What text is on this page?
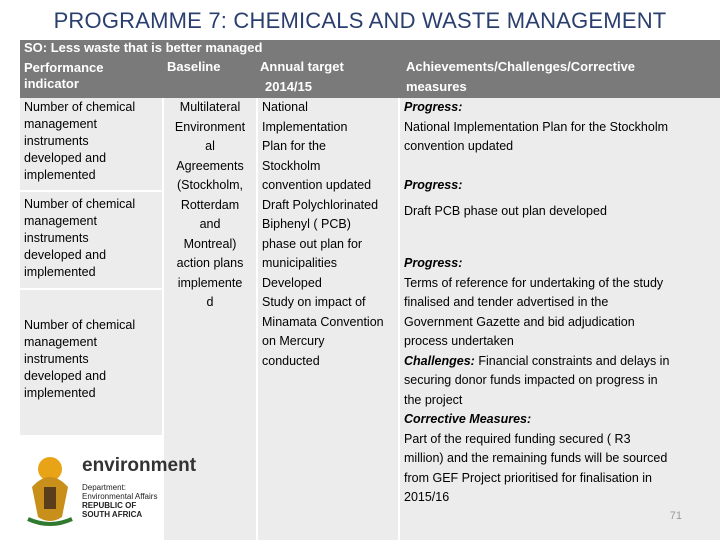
PROGRAMME 7: CHEMICALS AND WASTE MANAGEMENT
SO: Less waste that is better managed
Performance
indicator
Baseline	Annual target
2014/15
Achievements/Challenges/Corrective
measures
Number of chemical
management
instruments
developed and
implemented
Number of chemical
management
instruments
developed and
implemented
Number of chemical
management
instruments
developed and
implemented
Multilateral
Environment
al
Agreements
(Stockholm,
Rotterdam
and
Montreal)
action plans
implemente
d
National
Implementation
Plan for the
Stockholm
convention updated
Draft Polychlorinated
Biphenyl ( PCB)
phase out plan for
municipalities
Developed
Study on impact of
Minamata Convention
on Mercury
conducted
Progress:
National Implementation Plan for the Stockholm
convention updated
Progress:
Draft PCB phase out plan developed
Progress:
Terms of reference for undertaking of the study
finalised and tender advertised in the
Government Gazette and bid adjudication
process undertaken
Challenges: Financial constraints and delays in
securing donor funds impacted on progress in
the project
Corrective Measures:
Part of the required funding secured ( R3
million) and the remaining funds will be sourced
from GEF Project prioritised for finalisation in
2015/16
environment
Department:
Environmental Affairs
REPUBLIC OF SOUTH AFRICA	71
